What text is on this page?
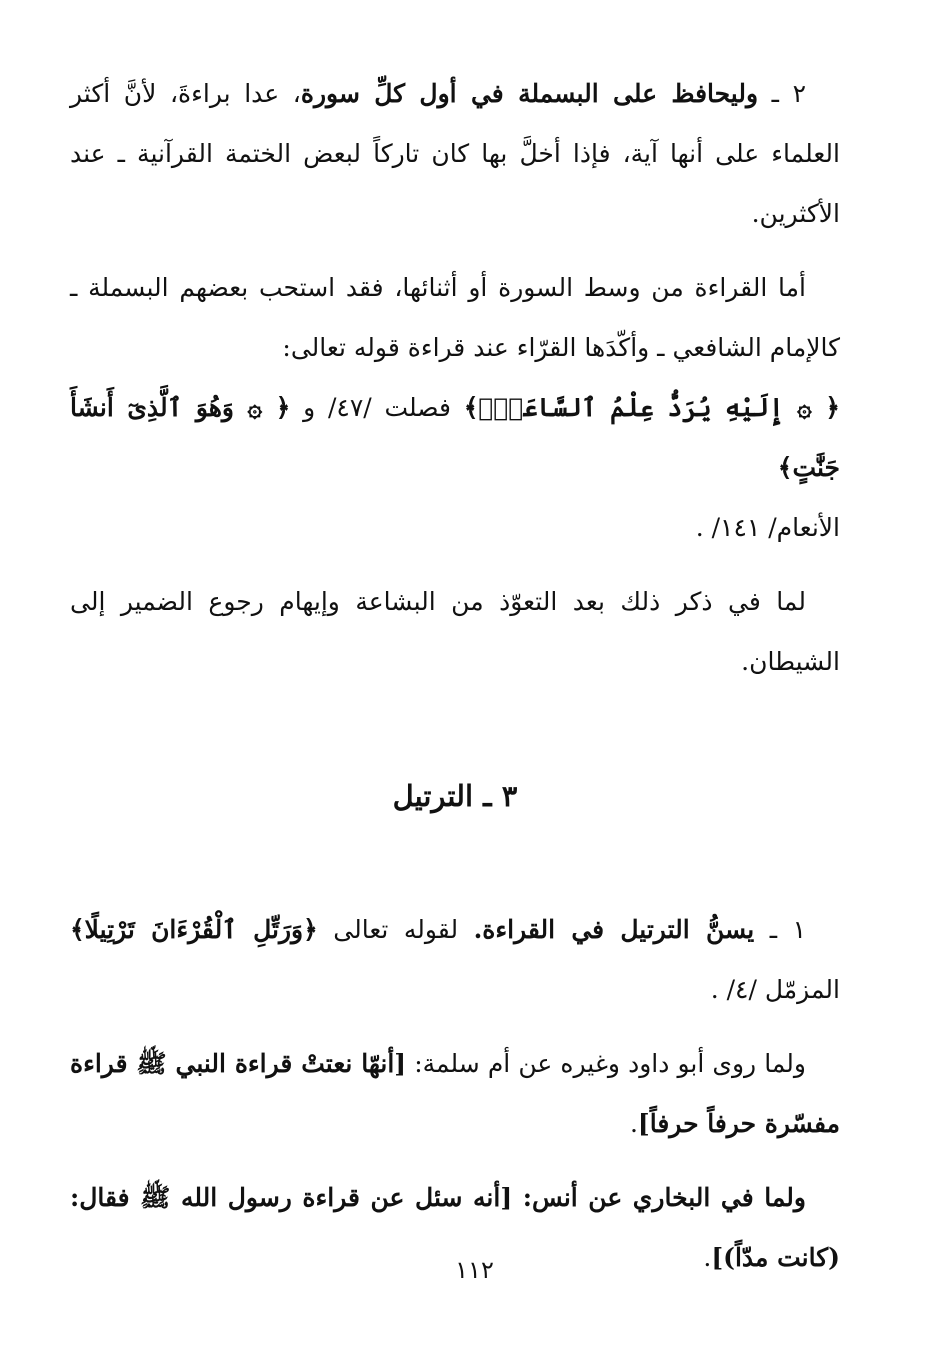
٢ ـ وليحافظ على البسملة في أول كلِّ سورة، عدا براءةَ، لأنَّ أكثر العلماء على أنها آية، فإذا أخلَّ بها كان تاركاً لبعض الختمة القرآنية ـ عند الأكثرين.

أما القراءة من وسط السورة أو أثنائها، فقد استحب بعضهم البسملة ـ كالإمام الشافعي ـ وأكّدَها القرّاء عند قراءة قوله تعالى:

﴿ ۞ إِلَيْهِ يُرَدُّ عِلْمُ ٱلسَّاعَةِۚ﴾ فصلت /٤٧/ و ﴿ ۞ وَهُوَ ٱلَّذِىٓ أَنشَأَ جَنَّٰتٍ﴾

الأنعام/ ١٤١/ .

لما في ذكر ذلك بعد التعوّذ من البشاعة وإيهام رجوع الضمير إلى الشيطان.

٣ ـ الترتيل

١ ـ يسنُّ الترتيل في القراءة. لقوله تعالى ﴿وَرَتِّلِ ٱلْقُرْءَانَ تَرْتِيلًا﴾ المزمّل /٤/ .

ولما روى أبو داود وغيره عن أم سلمة: [أنهّا نعتتْ قراءة النبي ﷺ قراءة مفسّرة حرفاً حرفاً].

ولما في البخاري عن أنس: [أنه سئل عن قراءة رسول الله ﷺ فقال: (كانت مدّاً)].

١١٢
